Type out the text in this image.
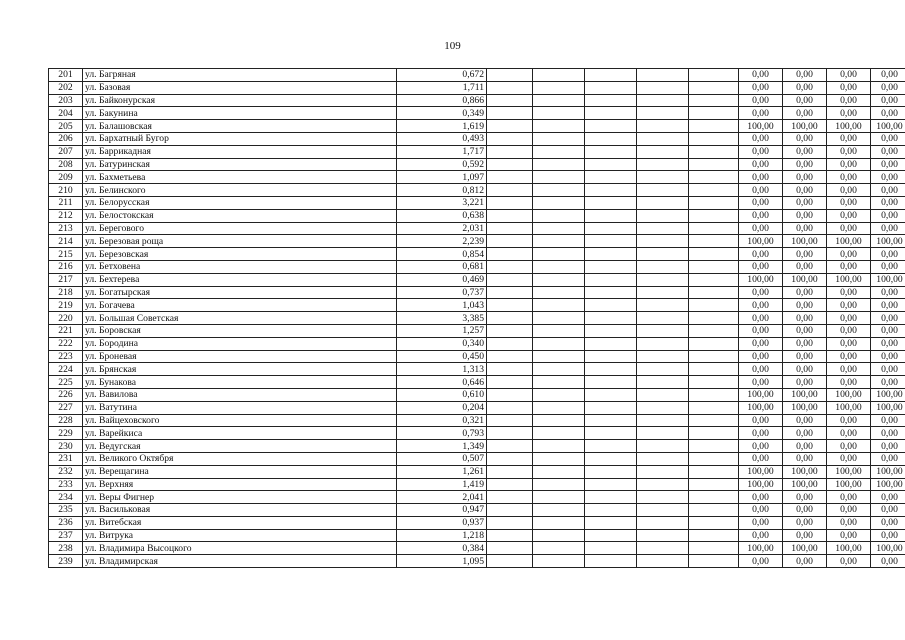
109
201	ул. Багряная	0,672						0,00	0,00	0,00	0,00
202	ул. Базовая	1,711						0,00	0,00	0,00	0,00
203	ул. Байконурская	0,866						0,00	0,00	0,00	0,00
204	ул. Бакунина	0,349						0,00	0,00	0,00	0,00
205	ул. Балашовская	1,619						100,00	100,00	100,00	100,00
206	ул. Бархатный Бугор	0,493						0,00	0,00	0,00	0,00
207	ул. Баррикадная	1,717						0,00	0,00	0,00	0,00
208	ул. Батуринская	0,592						0,00	0,00	0,00	0,00
209	ул. Бахметьева	1,097						0,00	0,00	0,00	0,00
210	ул. Белинского	0,812						0,00	0,00	0,00	0,00
211	ул. Белорусская	3,221						0,00	0,00	0,00	0,00
212	ул. Белостокская	0,638						0,00	0,00	0,00	0,00
213	ул. Берегового	2,031						0,00	0,00	0,00	0,00
214	ул. Березовая роща	2,239						100,00	100,00	100,00	100,00
215	ул. Березовская	0,854						0,00	0,00	0,00	0,00
216	ул. Бетховена	0,681						0,00	0,00	0,00	0,00
217	ул. Бехтерева	0,469						100,00	100,00	100,00	100,00
218	ул. Богатырская	0,737						0,00	0,00	0,00	0,00
219	ул. Богачева	1,043						0,00	0,00	0,00	0,00
220	ул. Большая Советская	3,385						0,00	0,00	0,00	0,00
221	ул. Боровская	1,257						0,00	0,00	0,00	0,00
222	ул. Бородина	0,340						0,00	0,00	0,00	0,00
223	ул. Броневая	0,450						0,00	0,00	0,00	0,00
224	ул. Брянская	1,313						0,00	0,00	0,00	0,00
225	ул. Бунакова	0,646						0,00	0,00	0,00	0,00
226	ул. Вавилова	0,610						100,00	100,00	100,00	100,00
227	ул. Ватутина	0,204						100,00	100,00	100,00	100,00
228	ул. Вайцеховского	0,321						0,00	0,00	0,00	0,00
229	ул. Варейкиса	0,793						0,00	0,00	0,00	0,00
230	ул. Ведугская	1,349						0,00	0,00	0,00	0,00
231	ул. Великого Октября	0,507						0,00	0,00	0,00	0,00
232	ул. Верещагина	1,261						100,00	100,00	100,00	100,00
233	ул. Верхняя	1,419						100,00	100,00	100,00	100,00
234	ул. Веры Фигнер	2,041						0,00	0,00	0,00	0,00
235	ул. Васильковая	0,947						0,00	0,00	0,00	0,00
236	ул. Витебская	0,937						0,00	0,00	0,00	0,00
237	ул. Витрука	1,218						0,00	0,00	0,00	0,00
238	ул. Владимира Высоцкого	0,384						100,00	100,00	100,00	100,00
239	ул. Владимирская	1,095						0,00	0,00	0,00	0,00
